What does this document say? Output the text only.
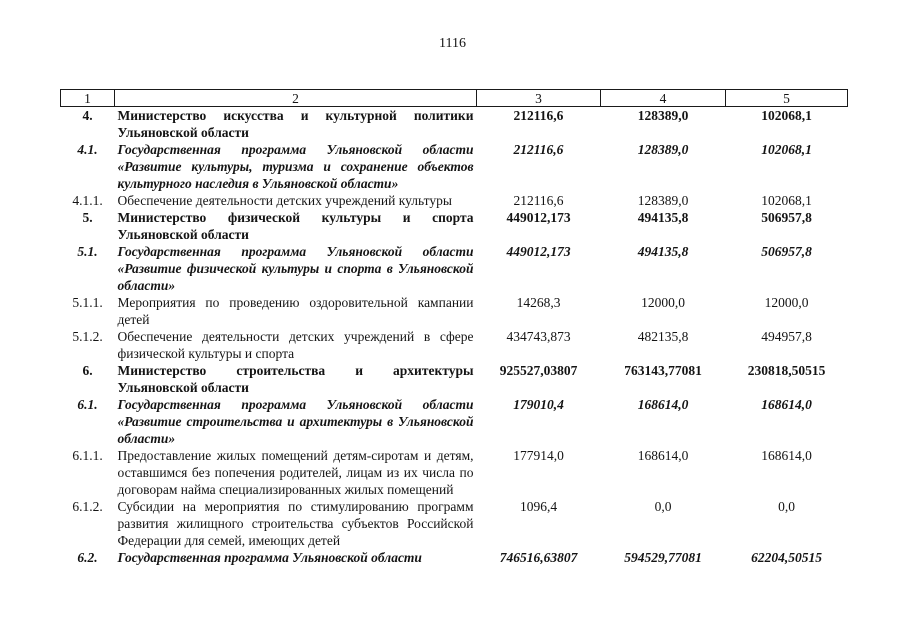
1116
1	2	3	4	5
4.	Министерство искусства и культурной политики Ульяновской области	212116,6	128389,0	102068,1
4.1.	Государственная программа Ульяновской области «Развитие культуры, туризма и сохранение объектов культурного наследия в Ульяновской области»	212116,6	128389,0	102068,1
4.1.1.	Обеспечение деятельности детских учреждений культуры	212116,6	128389,0	102068,1
5.	Министерство физической культуры и спорта Ульяновской области	449012,173	494135,8	506957,8
5.1.	Государственная программа Ульяновской области «Развитие физической культуры и спорта в Ульяновской области»	449012,173	494135,8	506957,8
5.1.1.	Мероприятия по проведению оздоровительной кампании детей	14268,3	12000,0	12000,0
5.1.2.	Обеспечение деятельности детских учреждений в сфере физической культуры и спорта	434743,873	482135,8	494957,8
6.	Министерство строительства и архитектуры Ульяновской области	925527,03807	763143,77081	230818,50515
6.1.	Государственная программа Ульяновской области «Развитие строительства и архитектуры в Ульяновской области»	179010,4	168614,0	168614,0
6.1.1.	Предоставление жилых помещений детям-сиротам и детям, оставшимся без попечения родителей, лицам из их числа по договорам найма специализированных жилых помещений	177914,0	168614,0	168614,0
6.1.2.	Субсидии на мероприятия по стимулированию программ развития жилищного строительства субъектов Российской Федерации для семей, имеющих детей	1096,4	0,0	0,0
6.2.	Государственная программа Ульяновской области	746516,63807	594529,77081	62204,50515
